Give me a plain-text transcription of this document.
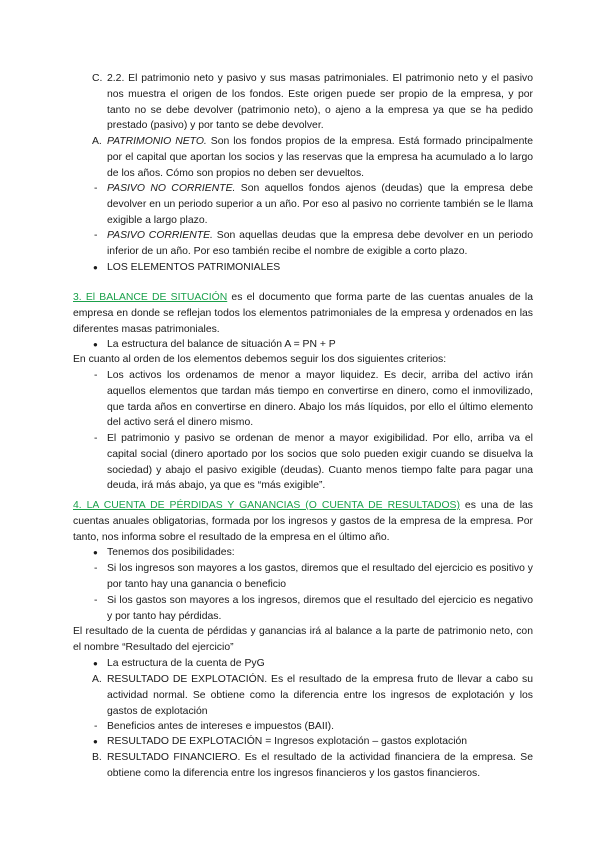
C. 2.2. El patrimonio neto y pasivo y sus masas patrimoniales. El patrimonio neto y el pasivo nos muestra el origen de los fondos. Este origen puede ser propio de la empresa, y por tanto no se debe devolver (patrimonio neto), o ajeno a la empresa ya que se ha pedido prestado (pasivo) y por tanto se debe devolver.
A. PATRIMONIO NETO. Son los fondos propios de la empresa. Está formado principalmente por el capital que aportan los socios y las reservas que la empresa ha acumulado a lo largo de los años. Cómo son propios no deben ser devueltos.
- PASIVO NO CORRIENTE. Son aquellos fondos ajenos (deudas) que la empresa debe devolver en un periodo superior a un año. Por eso al pasivo no corriente también se le llama exigible a largo plazo.
- PASIVO CORRIENTE. Son aquellas deudas que la empresa debe devolver en un periodo inferior de un año. Por eso también recibe el nombre de exigible a corto plazo.
● LOS ELEMENTOS PATRIMONIALES

3. El BALANCE DE SITUACIÓN es el documento que forma parte de las cuentas anuales de la empresa en donde se reflejan todos los elementos patrimoniales de la empresa y ordenados en las diferentes masas patrimoniales.

● La estructura del balance de situación A = PN + P

En cuanto al orden de los elementos debemos seguir los dos siguientes criterios:

- Los activos los ordenamos de menor a mayor liquidez. Es decir, arriba del activo irán aquellos elementos que tardan más tiempo en convertirse en dinero, como el inmovilizado, que tarda años en convertirse en dinero. Abajo los más líquidos, por ello el último elemento del activo será el dinero mismo.
- El patrimonio y pasivo se ordenan de menor a mayor exigibilidad. Por ello, arriba va el capital social (dinero aportado por los socios que solo pueden exigir cuando se disuelva la sociedad) y abajo el pasivo exigible (deudas). Cuanto menos tiempo falte para pagar una deuda, irá más abajo, ya que es “más exigible”.

4. LA CUENTA DE PÉRDIDAS Y GANANCIAS (O CUENTA DE RESULTADOS) es una de las cuentas anuales obligatorias, formada por los ingresos y gastos de la empresa de la empresa. Por tanto, nos informa sobre el resultado de la empresa en el último año.

● Tenemos dos posibilidades:
- Si los ingresos son mayores a los gastos, diremos que el resultado del ejercicio es positivo y por tanto hay una ganancia o beneficio
- Si los gastos son mayores a los ingresos, diremos que el resultado del ejercicio es negativo y por tanto hay pérdidas.

El resultado de la cuenta de pérdidas y ganancias irá al balance a la parte de patrimonio neto, con el nombre “Resultado del ejercicio”

● La estructura de la cuenta de PyG
A. RESULTADO DE EXPLOTACIÓN. Es el resultado de la empresa fruto de llevar a cabo su actividad normal. Se obtiene como la diferencia entre los ingresos de explotación y los gastos de explotación
- Beneficios antes de intereses e impuestos (BAII).
● RESULTADO DE EXPLOTACIÓN = Ingresos explotación – gastos explotación
B. RESULTADO FINANCIERO. Es el resultado de la actividad financiera de la empresa. Se obtiene como la diferencia entre los ingresos financieros y los gastos financieros.
